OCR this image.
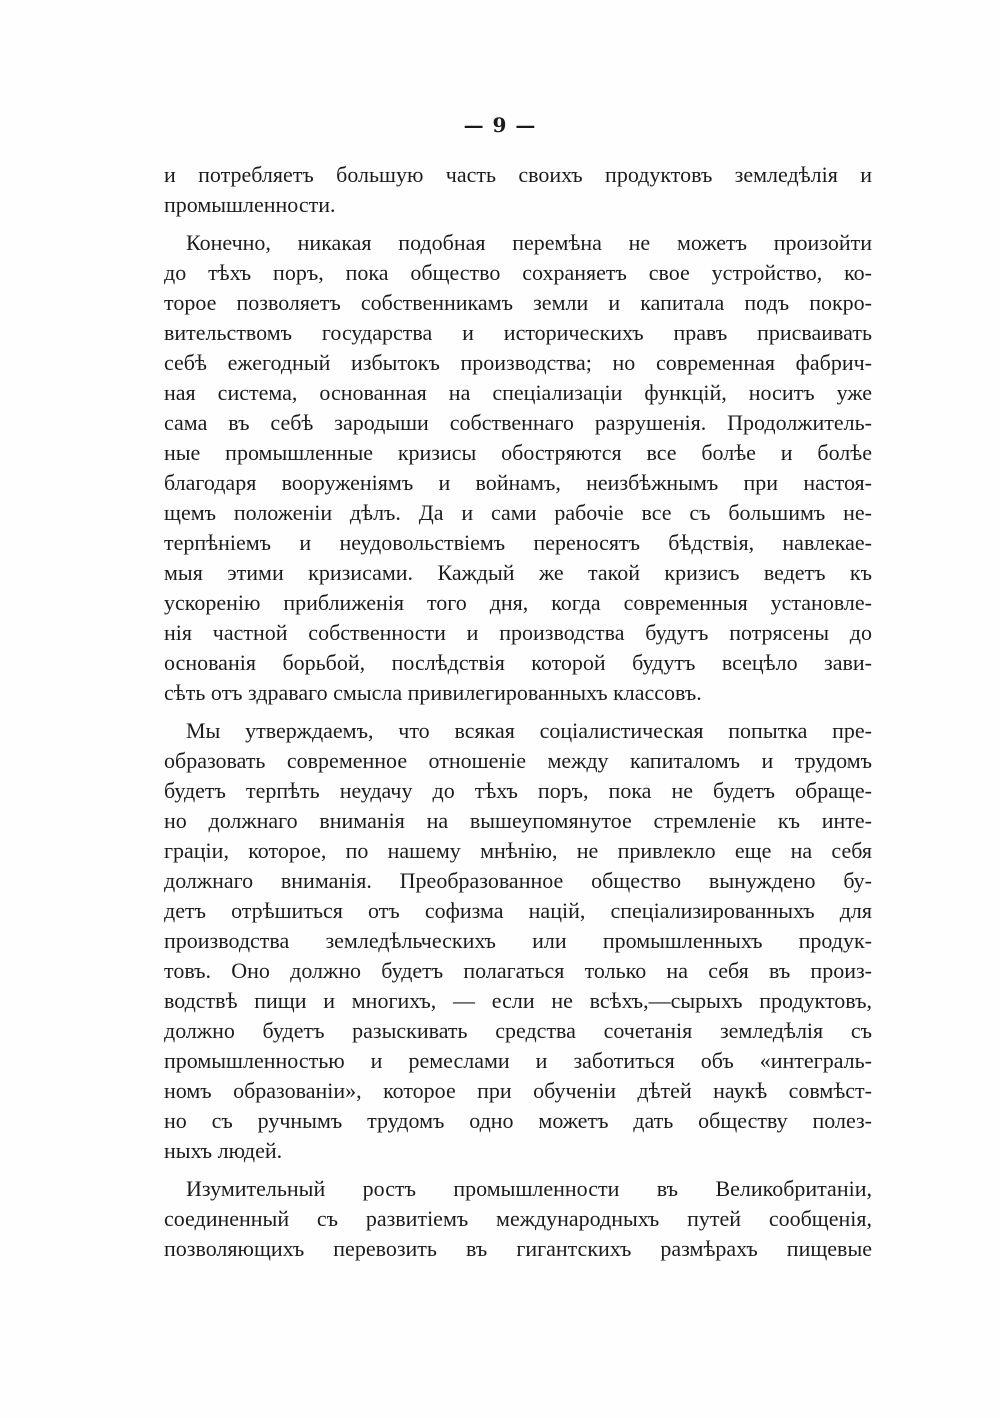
— 9 —

и потребляетъ большую часть своихъ продуктовъ земледѣлія и
промышленности.

Конечно, никакая подобная перемѣна не можетъ произойти
до тѣхъ поръ, пока общество сохраняетъ свое устройство, ко-
торое позволяетъ собственникамъ земли и капитала подъ покро-
вительствомъ государства и историческихъ правъ присваивать
себѣ ежегодный избытокъ производства; но современная фабрич-
ная система, основанная на спеціализаціи функцій, носитъ уже
сама въ себѣ зародыши собственнаго разрушенія. Продолжитель-
ные промышленные кризисы обостряются все болѣе и болѣе
благодаря вооруженіямъ и войнамъ, неизбѣжнымъ при настоя-
щемъ положеніи дѣлъ. Да и сами рабочіе все съ большимъ не-
терпѣніемъ и неудовольствіемъ переносятъ бѣдствія, навлекае-
мыя этими кризисами. Каждый же такой кризисъ ведетъ къ
ускоренію приближенія того дня, когда современныя установле-
нія частной собственности и производства будутъ потрясены до
основанія борьбой, послѣдствія которой будутъ всецѣло зави-
сѣть отъ здраваго смысла привилегированныхъ классовъ.

Мы утверждаемъ, что всякая соціалистическая попытка пре-
образовать современное отношеніе между капиталомъ и трудомъ
будетъ терпѣть неудачу до тѣхъ поръ, пока не будетъ обраще-
но должнаго вниманія на вышеупомянутое стремленіе къ инте-
граціи, которое, по нашему мнѣнію, не привлекло еще на себя
должнаго вниманія. Преобразованное общество вынуждено бу-
детъ отрѣшиться отъ софизма націй, спеціализированныхъ для
производства земледѣльческихъ или промышленныхъ продук-
товъ. Оно должно будетъ полагаться только на себя въ произ-
водствѣ пищи и многихъ, — если не всѣхъ,—сырыхъ продуктовъ,
должно будетъ разыскивать средства сочетанія земледѣлія съ
промышленностью и ремеслами и заботиться объ «интеграль-
номъ образованіи», которое при обученіи дѣтей наукѣ совмѣст-
но съ ручнымъ трудомъ одно можетъ дать обществу полез-
ныхъ людей.

Изумительный ростъ промышленности въ Великобританіи,
соединенный съ развитіемъ международныхъ путей сообщенія,
позволяющихъ перевозить въ гигантскихъ размѣрахъ пищевые
